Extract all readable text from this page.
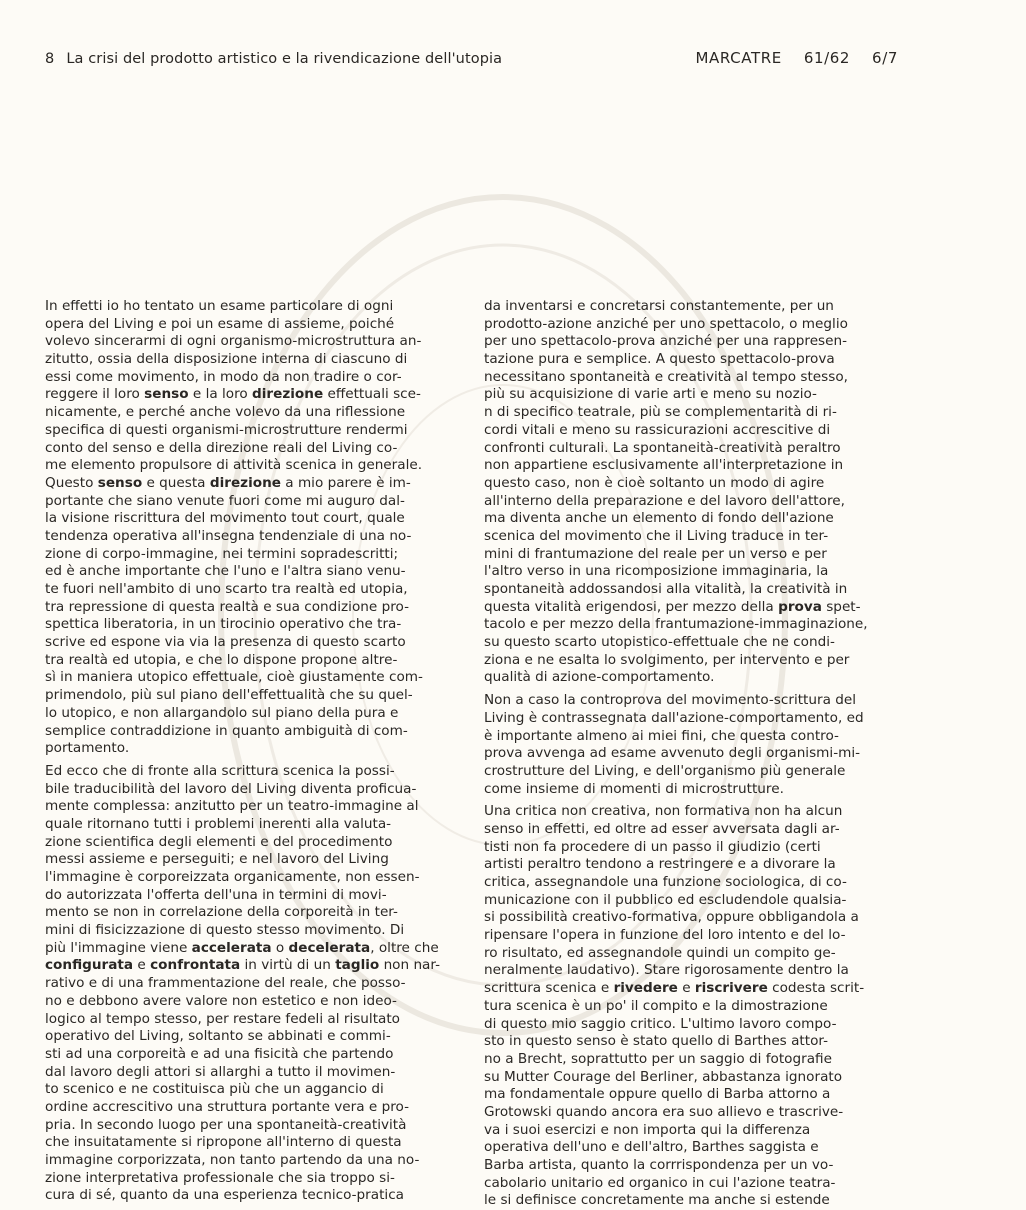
8 La crisi del prodotto artistico e la rivendicazione dell'utopia	MARCATRE 61/62 6/7
In effetti io ho tentato un esame particolare di ogni
opera del Living e poi un esame di assieme, poiché
volevo sincerarmi di ogni organismo-microstruttura an-
zitutto, ossia della disposizione interna di ciascuno di
essi come movimento, in modo da non tradire o cor-
reggere il loro senso e la loro direzione effettuali sce-
nicamente, e perché anche volevo da una riflessione
specifica di questi organismi-microstrutture rendermi
conto del senso e della direzione reali del Living co-
me elemento propulsore di attività scenica in generale.
Questo senso e questa direzione a mio parere è im-
portante che siano venute fuori come mi auguro dal-
la visione riscrittura del movimento tout court, quale
tendenza operativa all'insegna tendenziale di una no-
zione di corpo-immagine, nei termini sopradescritti;
ed è anche importante che l'uno e l'altra siano venu-
te fuori nell'ambito di uno scarto tra realtà ed utopia,
tra repressione di questa realtà e sua condizione pro-
spettica liberatoria, in un tirocinio operativo che tra-
scrive ed espone via via la presenza di questo scarto
tra realtà ed utopia, e che lo dispone propone altre-
sì in maniera utopico effettuale, cioè giustamente com-
primendolo, più sul piano dell'effettualità che su quel-
lo utopico, e non allargandolo sul piano della pura e
semplice contraddizione in quanto ambiguità di com-
portamento.
Ed ecco che di fronte alla scrittura scenica la possi-
bile traducibilità del lavoro del Living diventa proficua-
mente complessa: anzitutto per un teatro-immagine al
quale ritornano tutti i problemi inerenti alla valuta-
zione scientifica degli elementi e del procedimento
messi assieme e perseguiti; e nel lavoro del Living
l'immagine è corporeizzata organicamente, non essen-
do autorizzata l'offerta dell'una in termini di movi-
mento se non in correlazione della corporeità in ter-
mini di fisicizzazione di questo stesso movimento. Di
più l'immagine viene accelerata o decelerata, oltre che
configurata e confrontata in virtù di un taglio non nar-
rativo e di una frammentazione del reale, che posso-
no e debbono avere valore non estetico e non ideo-
logico al tempo stesso, per restare fedeli al risultato
operativo del Living, soltanto se abbinati e commi-
sti ad una corporeità e ad una fisicità che partendo
dal lavoro degli attori si allarghi a tutto il movimen-
to scenico e ne costituisca più che un aggancio di
ordine accrescitivo una struttura portante vera e pro-
pria. In secondo luogo per una spontaneità-creatività
che insuitatamente si ripropone all'interno di questa
immagine corporizzata, non tanto partendo da una no-
zione interpretativa professionale che sia troppo si-
cura di sé, quanto da una esperienza tecnico-pratica
da inventarsi e concretarsi constantemente, per un
prodotto-azione anziché per uno spettacolo, o meglio
per uno spettacolo-prova anziché per una rappresen-
tazione pura e semplice. A questo spettacolo-prova
necessitano spontaneità e creatività al tempo stesso,
più su acquisizione di varie arti e meno su nozio-
n di specifico teatrale, più se complementarità di ri-
cordi vitali e meno su rassicurazioni accrescitive di
confronti culturali. La spontaneità-creatività peraltro
non appartiene esclusivamente all'interpretazione in
questo caso, non è cioè soltanto un modo di agire
all'interno della preparazione e del lavoro dell'attore,
ma diventa anche un elemento di fondo dell'azione
scenica del movimento che il Living traduce in ter-
mini di frantumazione del reale per un verso e per
l'altro verso in una ricomposizione immaginaria, la
spontaneità addossandosi alla vitalità, la creatività in
questa vitalità erigendosi, per mezzo della prova spet-
tacolo e per mezzo della frantumazione-immaginazione,
su questo scarto utopistico-effettuale che ne condi-
ziona e ne esalta lo svolgimento, per intervento e per
qualità di azione-comportamento.
Non a caso la controprova del movimento-scrittura del
Living è contrassegnata dall'azione-comportamento, ed
è importante almeno ai miei fini, che questa contro-
prova avvenga ad esame avvenuto degli organismi-mi-
crostrutture del Living, e dell'organismo più generale
come insieme di momenti di microstrutture.
Una critica non creativa, non formativa non ha alcun
senso in effetti, ed oltre ad esser avversata dagli ar-
tisti non fa procedere di un passo il giudizio (certi
artisti peraltro tendono a restringere e a divorare la
critica, assegnandole una funzione sociologica, di co-
municazione con il pubblico ed escludendole qualsia-
si possibilità creativo-formativa, oppure obbligandola a
ripensare l'opera in funzione del loro intento e del lo-
ro risultato, ed assegnandole quindi un compito ge-
neralmente laudativo). Stare rigorosamente dentro la
scrittura scenica e rivedere e riscrivere codesta scrit-
tura scenica è un po' il compito e la dimostrazione
di questo mio saggio critico. L'ultimo lavoro compo-
sto in questo senso è stato quello di Barthes attor-
no a Brecht, soprattutto per un saggio di fotografie
su Mutter Courage del Berliner, abbastanza ignorato
ma fondamentale oppure quello di Barba attorno a
Grotowski quando ancora era suo allievo e trascrive-
va i suoi esercizi e non importa qui la differenza
operativa dell'uno e dell'altro, Barthes saggista e
Barba artista, quanto la corrrispondenza per un vo-
cabolario unitario ed organico in cui l'azione teatra-
le si definisce concretamente ma anche si estende
